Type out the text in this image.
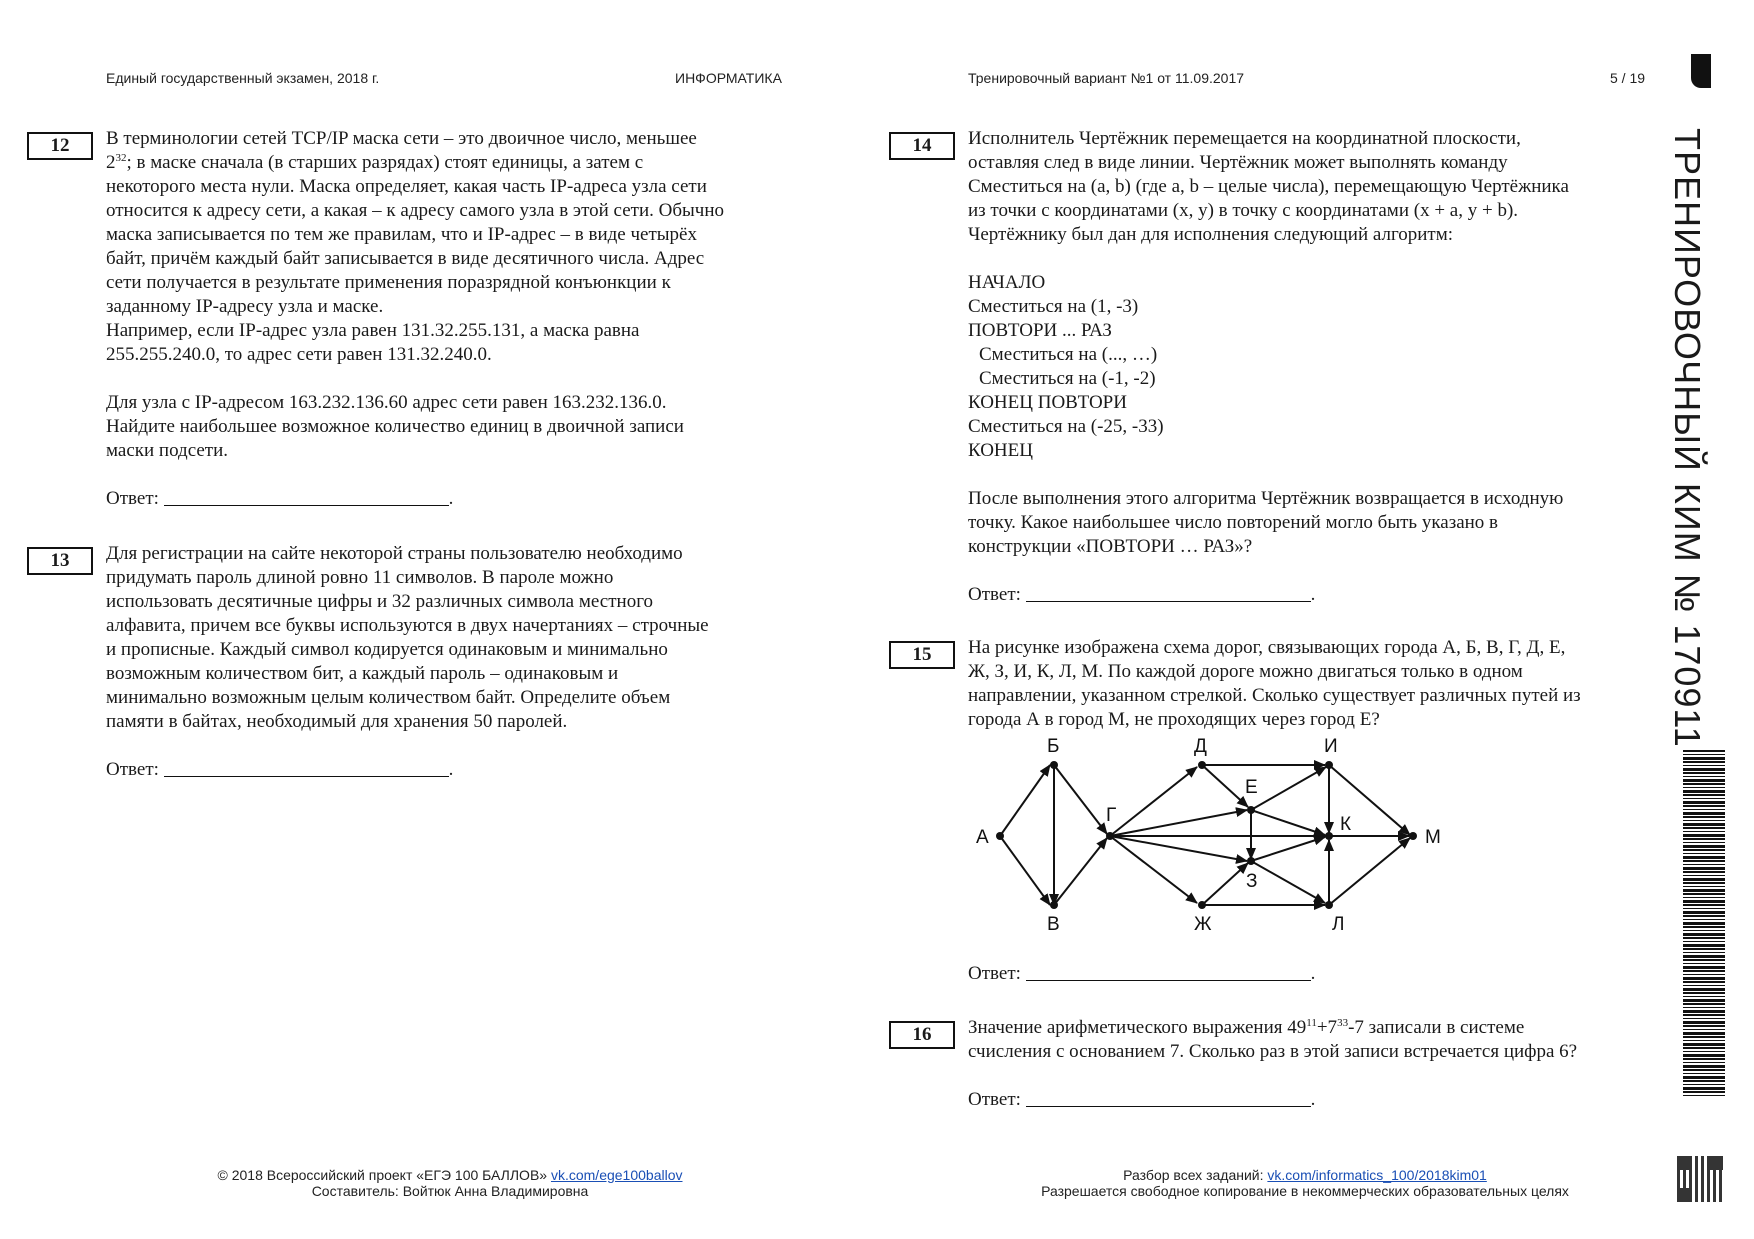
Единый государственный экзамен, 2018 г.	ИНФОРМАТИКА	Тренировочный вариант №1 от 11.09.2017	5 / 19
ТРЕНИРОВОЧНЫЙ КИМ № 170911
12	В терминологии сетей TCP/IP маска сети – это двоичное число, меньшее

$2^{32}$; в маске сначала (в старших разрядах) стоят единицы, а затем с

некоторого места нули. Маска определяет, какая часть IP-адреса узла сети

относится к адресу сети, а какая – к адресу самого узла в этой сети. Обычно

маска записывается по тем же правилам, что и IP-адрес – в виде четырёх

байт, причём каждый байт записывается в виде десятичного числа. Адрес

сети получается в результате применения поразрядной конъюнкции к

заданному IP-адресу узла и маске.

Например, если IP-адрес узла равен 131.32.255.131, а маска равна

255.255.240.0, то адрес сети равен 131.32.240.0.

Для узла с IP-адресом 163.232.136.60 адрес сети равен 163.232.136.0.

Найдите наибольшее возможное количество единиц в двоичной записи

маски подсети.

Ответ:	.

13	Для регистрации на сайте некоторой страны пользователю необходимо

придумать пароль длиной ровно 11 символов. В пароле можно

использовать десятичные цифры и 32 различных символа местного

алфавита, причем все буквы используются в двух начертаниях – строчные

и прописные. Каждый символ кодируется одинаковым и минимально

возможным количеством бит, а каждый пароль – одинаковым и

минимально возможным целым количеством байт. Определите объем

памяти в байтах, необходимый для хранения 50 паролей.

Ответ:	.

14	Исполнитель Чертёжник перемещается на координатной плоскости,

оставляя след в виде линии. Чертёжник может выполнять команду

Сместиться на (a, b) (где a, b – целые числа), перемещающую Чертёжника

из точки с координатами (x, y) в точку с координатами (x + a, y + b).

Чертёжнику был дан для исполнения следующий алгоритм:

НАЧАЛО

Сместиться на (1, -3)

ПОВТОРИ ... РАЗ

Сместиться на (..., …)

Сместиться на (-1, -2)

КОНЕЦ ПОВТОРИ

Сместиться на (-25, -33)

КОНЕЦ

После выполнения этого алгоритма Чертёжник возвращается в исходную

точку. Какое наибольшее число повторений могло быть указано в

конструкции «ПОВТОРИ … РАЗ»?

Ответ:	.

15	На рисунке изображена схема дорог, связывающих города А, Б, В, Г, Д, Е,

Ж, З, И, К, Л, М. По каждой дороге можно двигаться только в одном

направлении, указанном стрелкой. Сколько существует различных путей из

города А в город М, не проходящих через город Е?

А
Б
В
Г
Д
Е
Ж
З
И
К
Л
М

Ответ:	.

16	Значение арифметического выражения $49^{11}+7^{33}-7$ записали в системе

счисления с основанием 7. Сколько раз в этой записи встречается цифра 6?

Ответ:	.

© 2018 Всероссийский проект «ЕГЭ 100 БАЛЛОВ» vk.com/ege100ballov
Составитель: Войтюк Анна Владимировна
Разбор всех заданий: vk.com/informatics_100/2018kim01
Разрешается свободное копирование в некоммерческих образовательных целях
